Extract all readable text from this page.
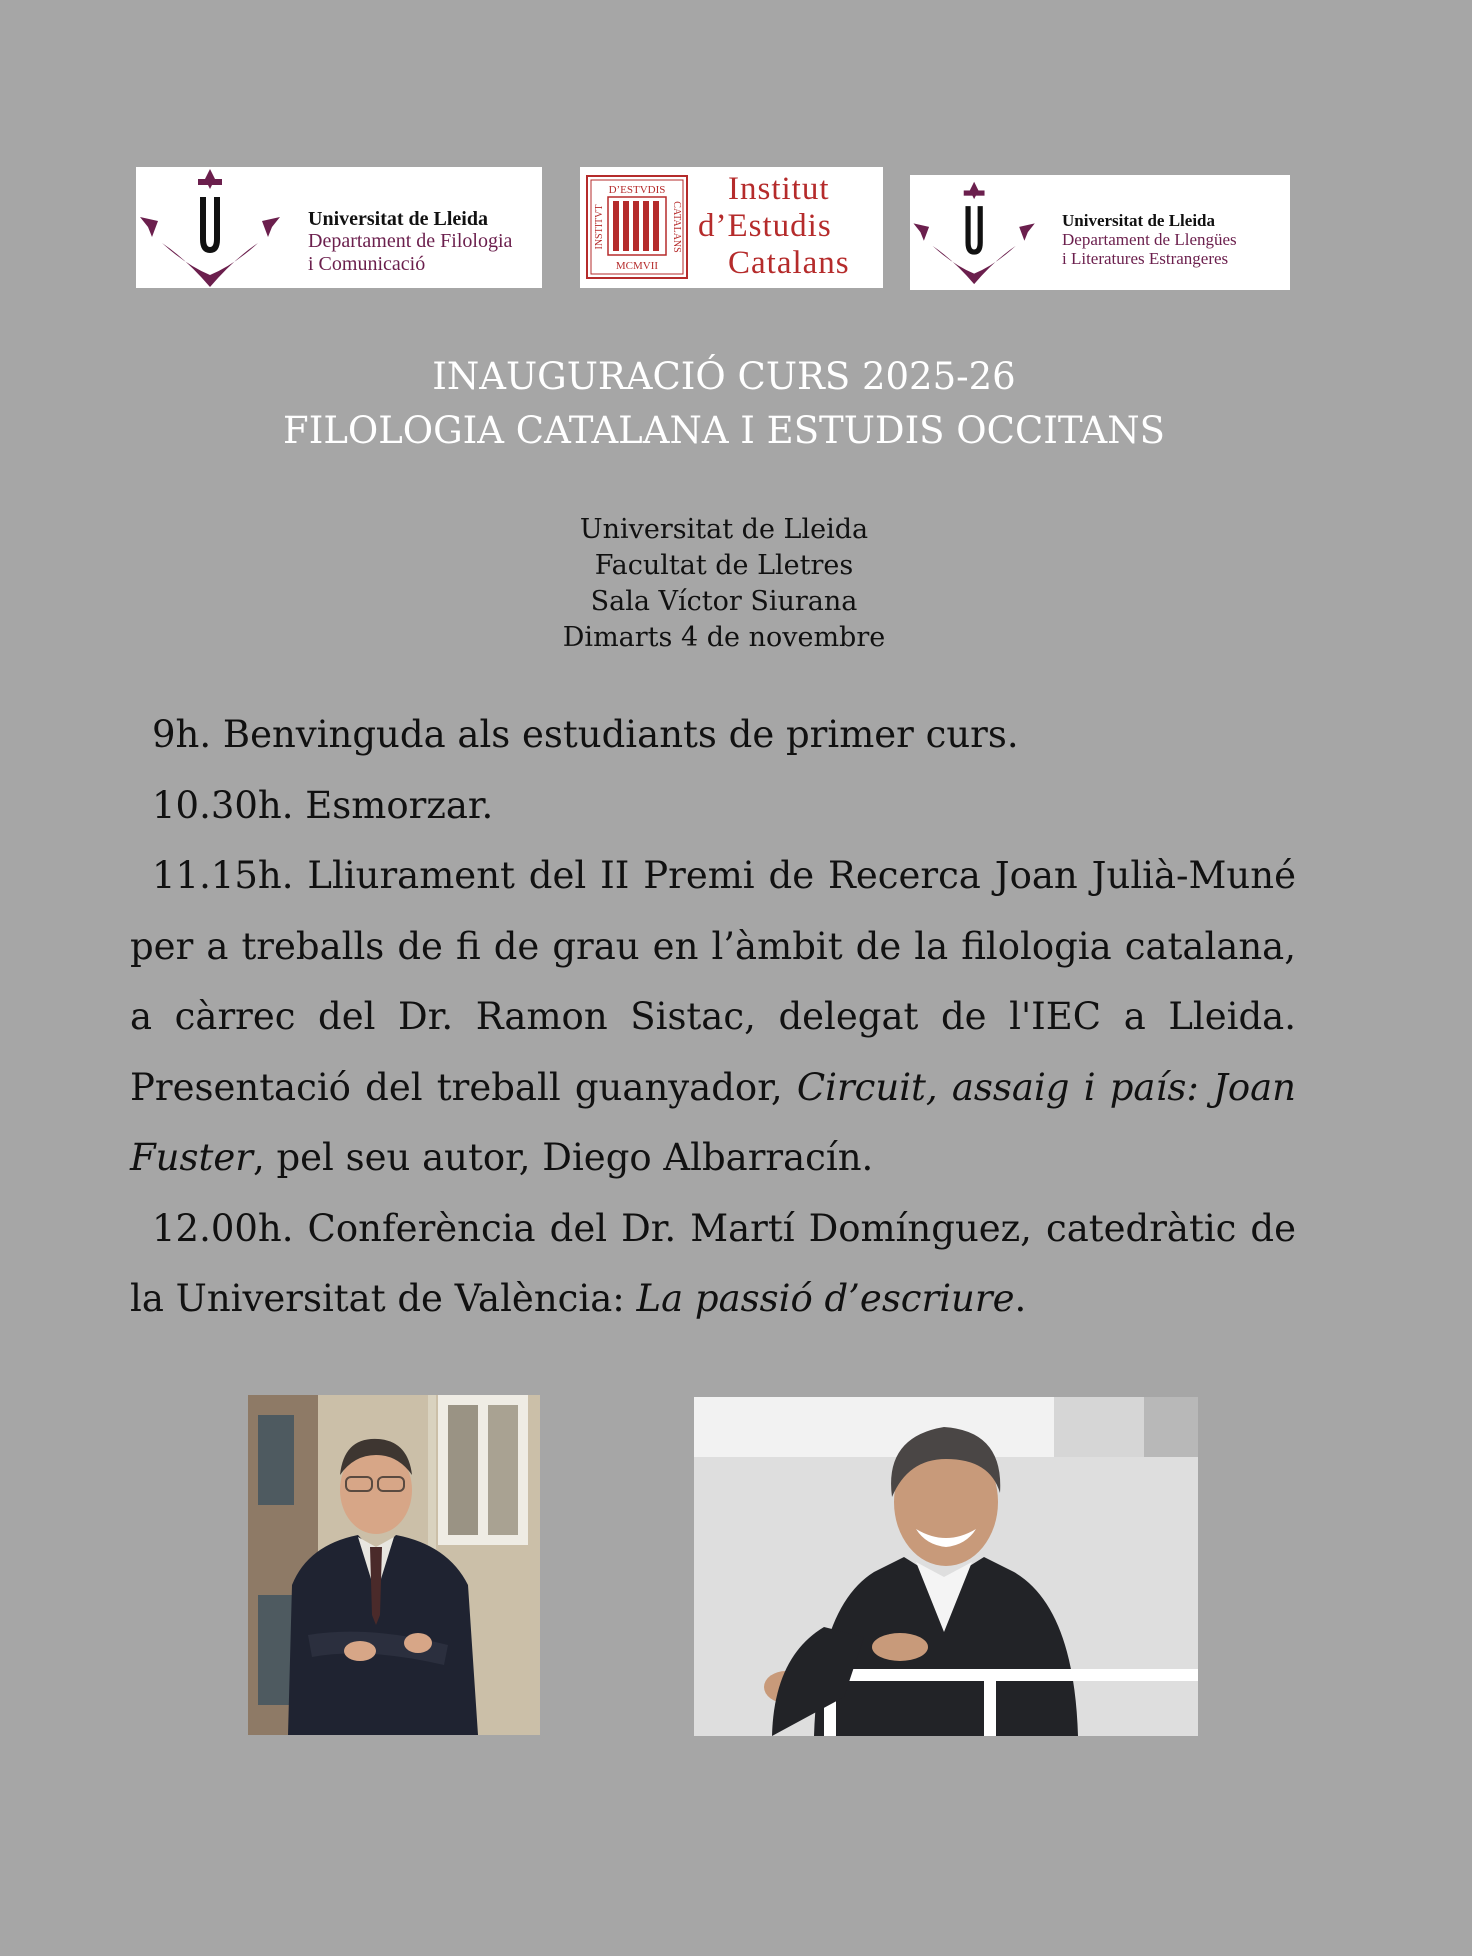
Universitat de Lleida
Departament de Filologia
i Comunicació
D’ESTVDIS
MCMVII
INSTITVT	CATALANS
Institut
d’Estudis
Catalans
Universitat de Lleida
Departament de Llengües
i Literatures Estrangeres
INAUGURACIÓ CURS 2025-26
FILOLOGIA CATALANA I ESTUDIS OCCITANS
Universitat de Lleida
Facultat de Lletres
Sala Víctor Siurana
Dimarts 4 de novembre

9h. Benvinguda als estudiants de primer curs.

10.30h. Esmorzar.

11.15h. Lliurament del II Premi de Recerca Joan Julià-Muné per a treballs de fi de grau en l’àmbit de la filologia catalana, a càrrec del Dr. Ramon Sistac, delegat de l'IEC a Lleida. Presentació del treball guanyador, Circuit, assaig i país: Joan Fuster, pel seu autor, Diego Albarracín.

12.00h. Conferència del Dr. Martí Domínguez, catedràtic de la Universitat de València: La passió d’escriure.
